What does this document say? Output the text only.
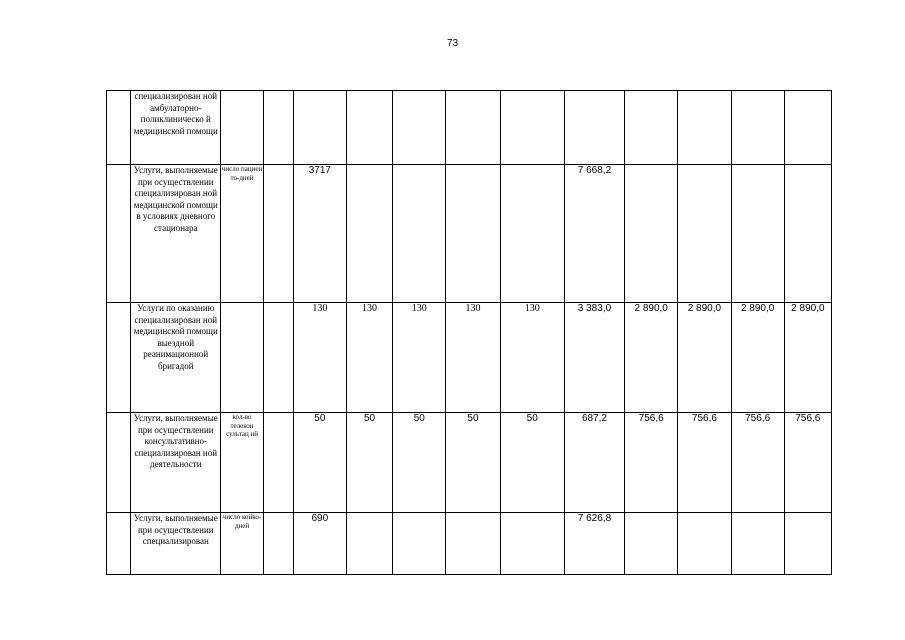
73
	специализирован ной амбулаторно-поликлиническо й медицинской помощи												
	Услуги, выполняемые при осуществлении специализирован ной медицинской помощи в условиях дневного стационара	число пациен то-дней		3717					7 668,2				
	Услуги по оказанию специализирован ной медицинской помощи выездной реанимационной бригадой			130	130	130	130	130	3 383,0	2 890,0	2 890,0	2 890,0	2 890,0
	Услуги, выполняемые при осуществлении консультативно-специализирован ной деятельности	кол-во телекон сультац ий		50	50	50	50	50	687,2	756,6	756,6	756,6	756,6
	Услуги, выполняемые при осуществлении специализирован	число койко-дней		690					7 626,8				
